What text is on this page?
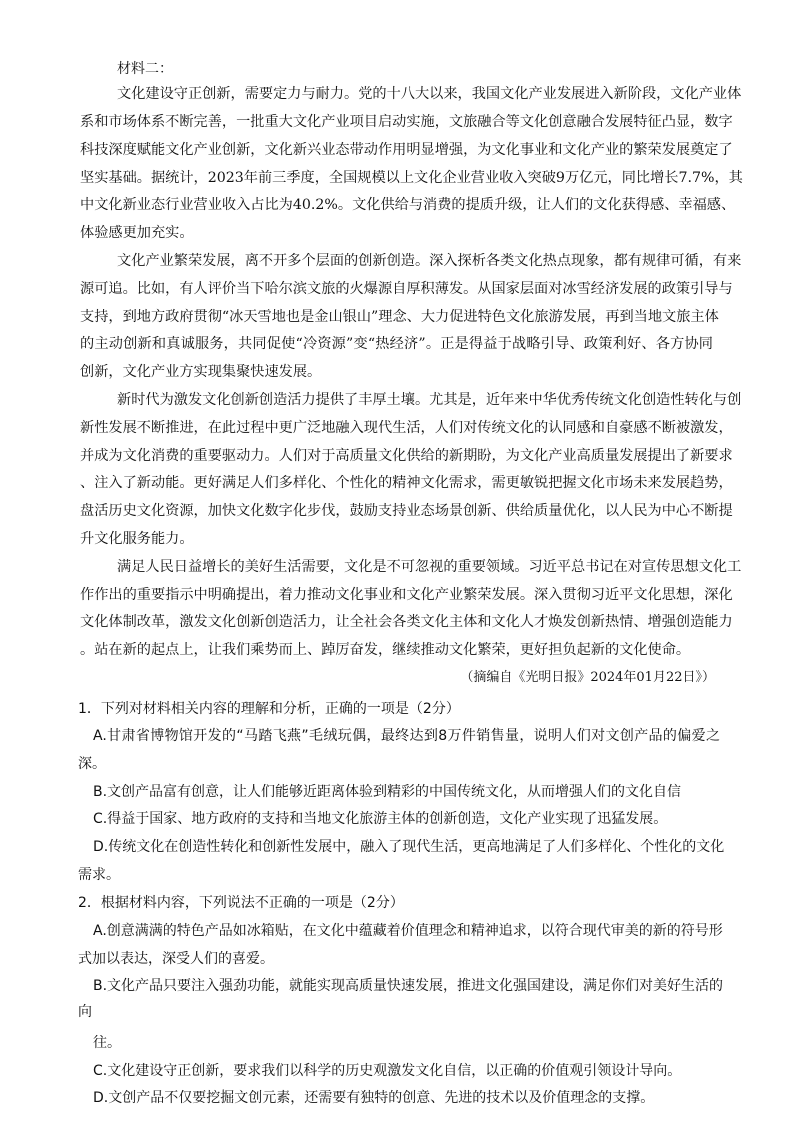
材料二：
文化建设守正创新，需要定力与耐力。党的十八大以来，我国文化产业发展进入新阶段，文化产业体
系和市场体系不断完善，一批重大文化产业项目启动实施，文旅融合等文化创意融合发展特征凸显，数字
科技深度赋能文化产业创新，文化新兴业态带动作用明显增强，为文化事业和文化产业的繁荣发展奠定了
坚实基础。据统计，2023年前三季度，全国规模以上文化企业营业收入突破9万亿元，同比增长7.7%，其
中文化新业态行业营业收入占比为40.2%。文化供给与消费的提质升级，让人们的文化获得感、幸福感、
体验感更加充实。
文化产业繁荣发展，离不开多个层面的创新创造。深入探析各类文化热点现象，都有规律可循，有来
源可追。比如，有人评价当下哈尔滨文旅的火爆源自厚积薄发。从国家层面对冰雪经济发展的政策引导与
支持，到地方政府贯彻“冰天雪地也是金山银山”理念、大力促进特色文化旅游发展，再到当地文旅主体
的主动创新和真诚服务，共同促使“冷资源”变“热经济”。正是得益于战略引导、政策利好、各方协同
创新，文化产业方实现集聚快速发展。
新时代为激发文化创新创造活力提供了丰厚土壤。尤其是，近年来中华优秀传统文化创造性转化与创
新性发展不断推进，在此过程中更广泛地融入现代生活，人们对传统文化的认同感和自豪感不断被激发，
并成为文化消费的重要驱动力。人们对于高质量文化供给的新期盼，为文化产业高质量发展提出了新要求
、注入了新动能。更好满足人们多样化、个性化的精神文化需求，需更敏锐把握文化市场未来发展趋势，
盘活历史文化资源，加快文化数字化步伐，鼓励支持业态场景创新、供给质量优化，以人民为中心不断提
升文化服务能力。
满足人民日益增长的美好生活需要，文化是不可忽视的重要领域。习近平总书记在对宣传思想文化工
作作出的重要指示中明确提出，着力推动文化事业和文化产业繁荣发展。深入贯彻习近平文化思想，深化
文化体制改革，激发文化创新创造活力，让全社会各类文化主体和文化人才焕发创新热情、增强创造能力
。站在新的起点上，让我们乘势而上、踔厉奋发，继续推动文化繁荣，更好担负起新的文化使命。
（摘编自《光明日报》2024年01月22日》）
1．下列对材料相关内容的理解和分析，正确的一项是（2分）
A.甘肃省博物馆开发的“马踏飞燕”毛绒玩偶，最终达到8万件销售量，说明人们对文创产品的偏爱之
深。
B.文创产品富有创意，让人们能够近距离体验到精彩的中国传统文化，从而增强人们的文化自信
C.得益于国家、地方政府的支持和当地文化旅游主体的创新创造，文化产业实现了迅猛发展。
D.传统文化在创造性转化和创新性发展中，融入了现代生活，更高地满足了人们多样化、个性化的文化
需求。
2．根据材料内容，下列说法不正确的一项是（2分）
A.创意满满的特色产品如冰箱贴，在文化中蕴藏着价值理念和精神追求，以符合现代审美的新的符号形
式加以表达，深受人们的喜爱。
B.文化产品只要注入强劲功能，就能实现高质量快速发展，推进文化强国建设，满足你们对美好生活的
向
往。
C.文化建设守正创新，要求我们以科学的历史观激发文化自信，以正确的价值观引领设计导向。
D.文创产品不仅要挖掘文创元素，还需要有独特的创意、先进的技术以及价值理念的支撑。
